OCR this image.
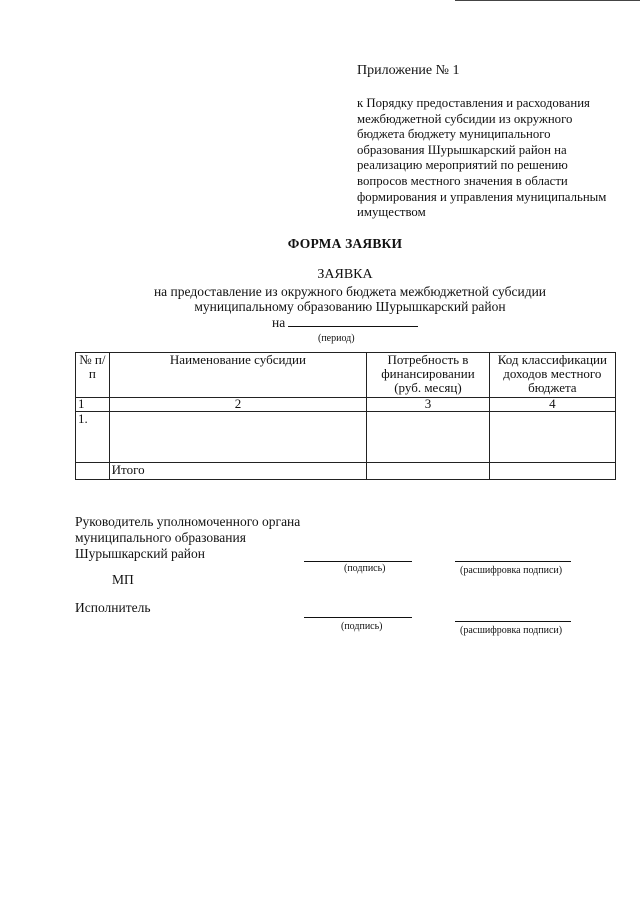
Приложение № 1
к Порядку предоставления и расходования межбюджетной субсидии из окружного бюджета бюджету муниципального образования Шурышкарский район на реализацию мероприятий по решению вопросов местного значения в области формирования и управления муниципальным имуществом
ФОРМА ЗАЯВКИ
ЗАЯВКА
на предоставление из окружного бюджета межбюджетной субсидии
муниципальному образованию Шурышкарский район
на
(период)
№ п/п	Наименование субсидии	Потребность в финансировании (руб. месяц)	Код классификации доходов местного бюджета
1	2	3	4
1.			
	Итого		
Руководитель уполномоченного органа муниципального образования Шурышкарский район
(подпись)	(расшифровка подписи)
МП
Исполнитель
(подпись)	(расшифровка подписи)
